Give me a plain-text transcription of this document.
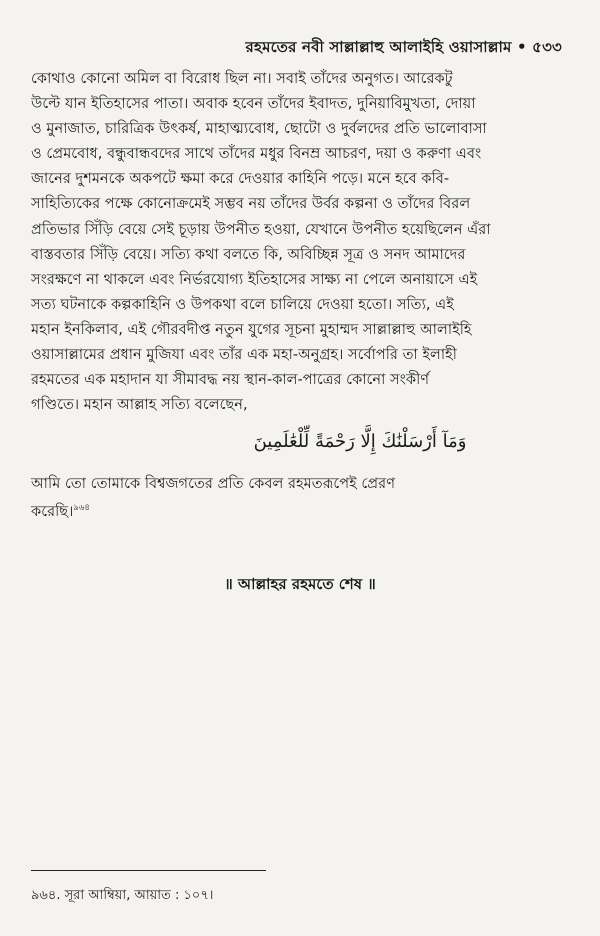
রহমতের নবী সাল্লাল্লাহু আলাইহি ওয়াসাল্লাম • ৫৩৩
কোথাও কোনো অমিল বা বিরোধ ছিল না। সবাই তাঁদের অনুগত। আরেকটু
উল্টে যান ইতিহাসের পাতা। অবাক হবেন তাঁদের ইবাদত, দুনিয়াবিমুখতা, দোয়া
ও মুনাজাত, চারিত্রিক উৎকর্ষ, মাহাত্ম্যবোধ, ছোটো ও দুর্বলদের প্রতি ভালোবাসা
ও প্রেমবোধ, বন্ধুবান্ধবদের সাথে তাঁদের মধুর বিনম্র আচরণ, দয়া ও করুণা এবং
জানের দুশমনকে অকপটে ক্ষমা করে দেওয়ার কাহিনি পড়ে। মনে হবে কবি-
সাহিত্যিকের পক্ষে কোনোক্রমেই সম্ভব নয় তাঁদের উর্বর কল্পনা ও তাঁদের বিরল
প্রতিভার সিঁড়ি বেয়ে সেই চূড়ায় উপনীত হওয়া, যেখানে উপনীত হয়েছিলেন এঁরা
বাস্তবতার সিঁড়ি বেয়ে। সত্যি কথা বলতে কি, অবিচ্ছিন্ন সূত্র ও সনদ আমাদের
সংরক্ষণে না থাকলে এবং নির্ভরযোগ্য ইতিহাসের সাক্ষ্য না পেলে অনায়াসে এই
সত্য ঘটনাকে কল্পকাহিনি ও উপকথা বলে চালিয়ে দেওয়া হতো। সত্যি, এই
মহান ইনকিলাব, এই গৌরবদীপ্ত নতুন যুগের সূচনা মুহাম্মদ সাল্লাল্লাহু আলাইহি
ওয়াসাল্লামের প্রধান মুজিযা এবং তাঁর এক মহা-অনুগ্রহ। সর্বোপরি তা ইলাহী
রহমতের এক মহাদান যা সীমাবদ্ধ নয় স্থান-কাল-পাত্রের কোনো সংকীর্ণ
গণ্ডিতে। মহান আল্লাহ সত্যি বলেছেন,
وَمَآ أَرْسَلْنَٰكَ إِلَّا رَحْمَةً لِّلْعَٰلَمِينَ
আমি তো তোমাকে বিশ্বজগতের প্রতি কেবল রহমতরূপেই প্রেরণ
করেছি।$^{৯৬৪}$
॥ আল্লাহর রহমতে শেষ ॥
৯৬৪. সূরা আম্বিয়া, আয়াত : ১০৭।
